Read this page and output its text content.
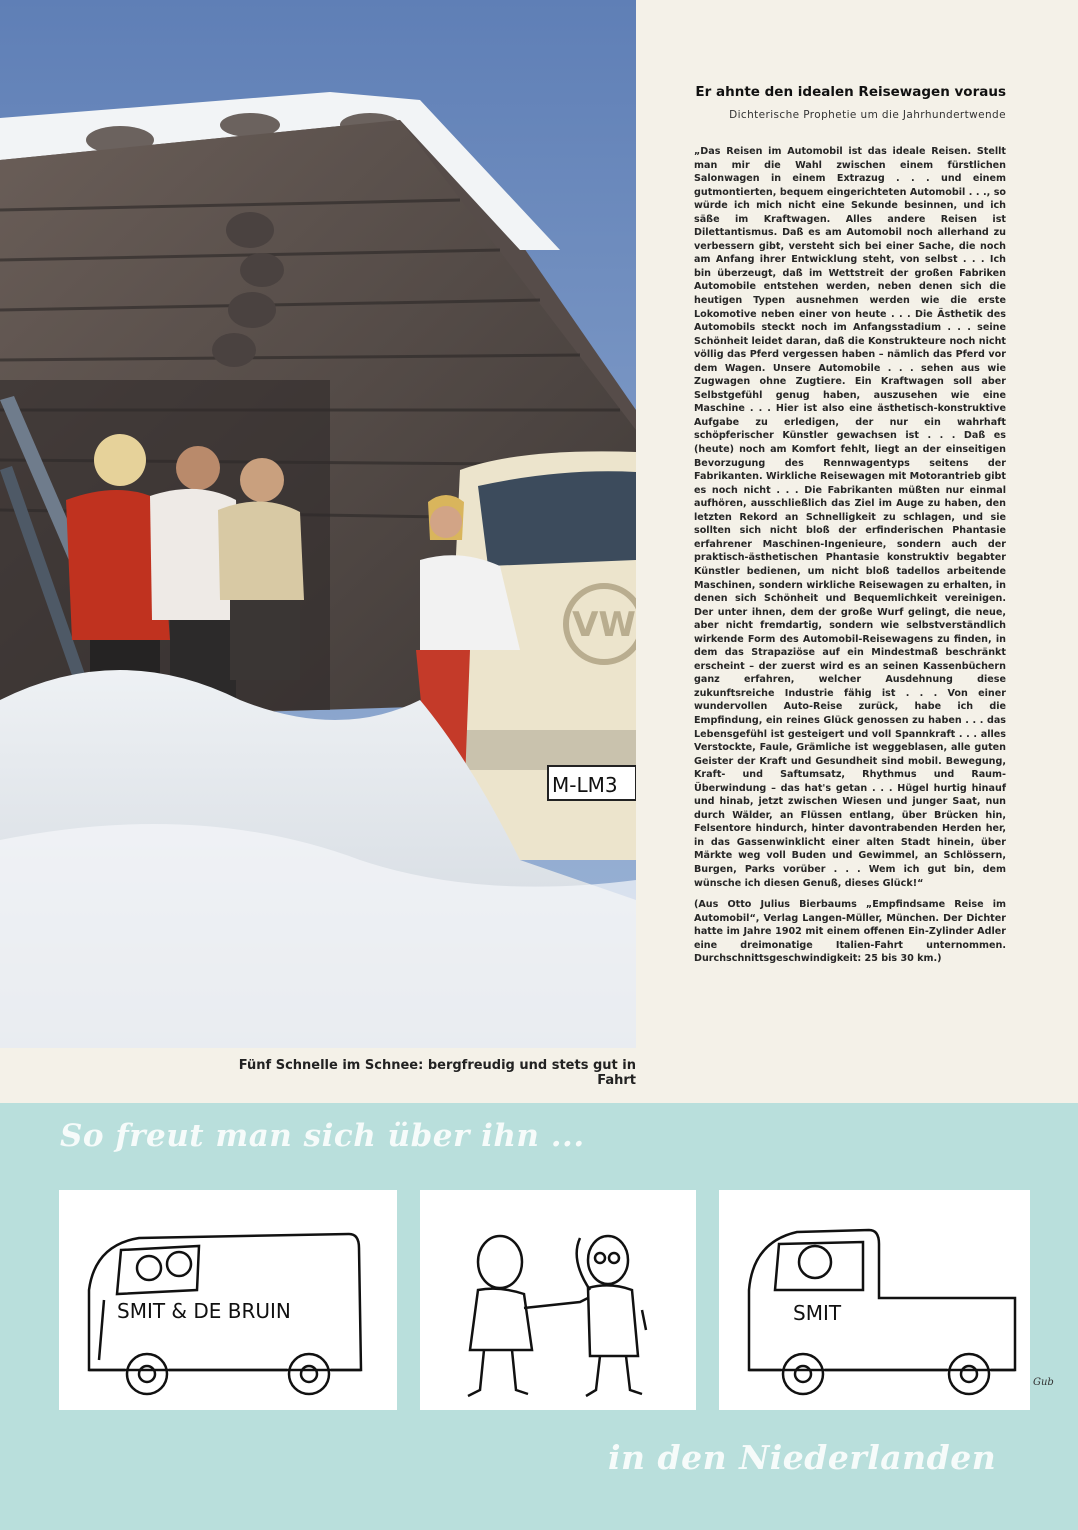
VW
M-LM3
Fünf Schnelle im Schnee: bergfreudig und stets gut in Fahrt
Er ahnte den idealen Reisewagen voraus
Dichterische Prophetie um die Jahrhundertwende
„Das Reisen im Automobil ist das ideale Reisen. Stellt man mir die Wahl zwischen einem fürstlichen Salonwagen in einem Extrazug . . . und einem gutmontierten, bequem eingerichteten Automobil . . ., so würde ich mich nicht eine Sekunde besinnen, und ich säße im Kraftwagen. Alles andere Reisen ist Dilettantismus. Daß es am Automobil noch allerhand zu verbessern gibt, versteht sich bei einer Sache, die noch am Anfang ihrer Entwicklung steht, von selbst . . . Ich bin überzeugt, daß im Wettstreit der großen Fabriken Automobile entstehen werden, neben denen sich die heutigen Typen ausnehmen werden wie die erste Lokomotive neben einer von heute . . . Die Ästhetik des Automobils steckt noch im Anfangsstadium . . . seine Schönheit leidet daran, daß die Konstrukteure noch nicht völlig das Pferd vergessen haben – nämlich das Pferd vor dem Wagen. Unsere Automobile . . . sehen aus wie Zugwagen ohne Zugtiere. Ein Kraftwagen soll aber Selbstgefühl genug haben, auszusehen wie eine Maschine . . . Hier ist also eine ästhetisch-konstruktive Aufgabe zu erledigen, der nur ein wahrhaft schöpferischer Künstler gewachsen ist . . . Daß es (heute) noch am Komfort fehlt, liegt an der einseitigen Bevorzugung des Rennwagentyps seitens der Fabrikanten. Wirkliche Reisewagen mit Motorantrieb gibt es noch nicht . . . Die Fabrikanten müßten nur einmal aufhören, ausschließlich das Ziel im Auge zu haben, den letzten Rekord an Schnelligkeit zu schlagen, und sie sollten sich nicht bloß der erfinderischen Phantasie erfahrener Maschinen-Ingenieure, sondern auch der praktisch-ästhetischen Phantasie konstruktiv begabter Künstler bedienen, um nicht bloß tadellos arbeitende Maschinen, sondern wirkliche Reisewagen zu erhalten, in denen sich Schönheit und Bequemlichkeit vereinigen. Der unter ihnen, dem der große Wurf gelingt, die neue, aber nicht fremdartig, sondern wie selbstverständlich wirkende Form des Automobil-Reisewagens zu finden, in dem das Strapaziöse auf ein Mindestmaß beschränkt erscheint – der zuerst wird es an seinen Kassenbüchern ganz erfahren, welcher Ausdehnung diese zukunftsreiche Industrie fähig ist . . . Von einer wundervollen Auto-Reise zurück, habe ich die Empfindung, ein reines Glück genossen zu haben . . . das Lebensgefühl ist gesteigert und voll Spannkraft . . . alles Verstockte, Faule, Grämliche ist weggeblasen, alle guten Geister der Kraft und Gesundheit sind mobil. Bewegung, Kraft- und Saftumsatz, Rhythmus und Raum-Überwindung – das hat's getan . . . Hügel hurtig hinauf und hinab, jetzt zwischen Wiesen und junger Saat, nun durch Wälder, an Flüssen entlang, über Brücken hin, Felsentore hindurch, hinter davontrabenden Herden her, in das Gassenwinklicht einer alten Stadt hinein, über Märkte weg voll Buden und Gewimmel, an Schlössern, Burgen, Parks vorüber . . . Wem ich gut bin, dem wünsche ich diesen Genuß, dieses Glück!“
(Aus Otto Julius Bierbaums „Empfindsame Reise im Automobil“, Verlag Langen-Müller, München. Der Dichter hatte im Jahre 1902 mit einem offenen Ein-Zylinder Adler eine dreimonatige Italien-Fahrt unternommen. Durchschnittsgeschwindigkeit: 25 bis 30 km.)
So freut man sich über ihn ...
SMIT & DE BRUIN	SMIT
Gub
in den Niederlanden
